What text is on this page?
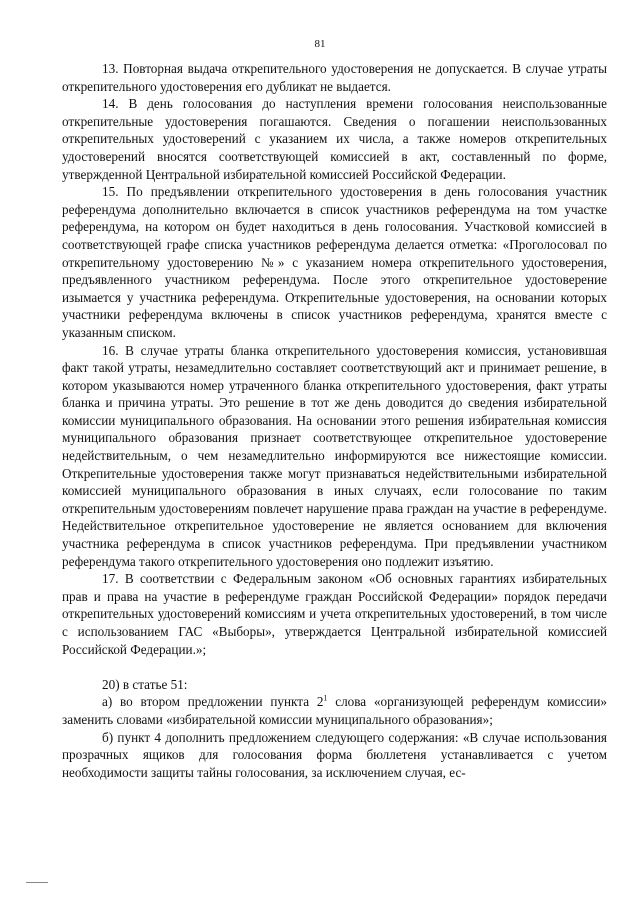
81

13. Повторная выдача открепительного удостоверения не допускается. В случае утраты открепительного удостоверения его дубликат не выдается.

14. В день голосования до наступления времени голосования неиспользованные открепительные удостоверения погашаются. Сведения о погашении неиспользованных открепительных удостоверений с указанием их числа, а также номеров открепительных удостоверений вносятся соответствующей комиссией в акт, составленный по форме, утвержденной Центральной избирательной комиссией Российской Федерации.

15. По предъявлении открепительного удостоверения в день голосования участник референдума дополнительно включается в список участников референдума на том участке референдума, на котором он будет находиться в день голосования. Участковой комиссией в соответствующей графе списка участников референдума делается отметка: «Проголосовал по открепительному удостоверению №» с указанием номера открепительного удостоверения, предъявленного участником референдума. После этого открепительное удостоверение изымается у участника референдума. Открепительные удостоверения, на основании которых участники референдума включены в список участников референдума, хранятся вместе с указанным списком.

16. В случае утраты бланка открепительного удостоверения комиссия, установившая факт такой утраты, незамедлительно составляет соответствующий акт и принимает решение, в котором указываются номер утраченного бланка открепительного удостоверения, факт утраты бланка и причина утраты. Это решение в тот же день доводится до сведения избирательной комиссии муниципального образования. На основании этого решения избирательная комиссия муниципального образования признает соответствующее открепительное удостоверение недействительным, о чем незамедлительно информируются все нижестоящие комиссии. Открепительные удостоверения также могут признаваться недействительными избирательной комиссией муниципального образования в иных случаях, если голосование по таким открепительным удостоверениям повлечет нарушение права граждан на участие в референдуме. Недействительное открепительное удостоверение не является основанием для включения участника референдума в список участников референдума. При предъявлении участником референдума такого открепительного удостоверения оно подлежит изъятию.

17. В соответствии с Федеральным законом «Об основных гарантиях избирательных прав и права на участие в референдуме граждан Российской Федерации» порядок передачи открепительных удостоверений комиссиям и учета открепительных удостоверений, в том числе с использованием ГАС «Выборы», утверждается Центральной избирательной комиссией Российской Федерации.»;

20) в статье 51:

а) во втором предложении пункта $2^1$ слова «организующей референдум комиссии» заменить словами «избирательной комиссии муниципального образования»;

б) пункт 4 дополнить предложением следующего содержания: «В случае использования прозрачных ящиков для голосования форма бюллетеня устанавливается с учетом необходимости защиты тайны голосования, за исключением случая, ес-
